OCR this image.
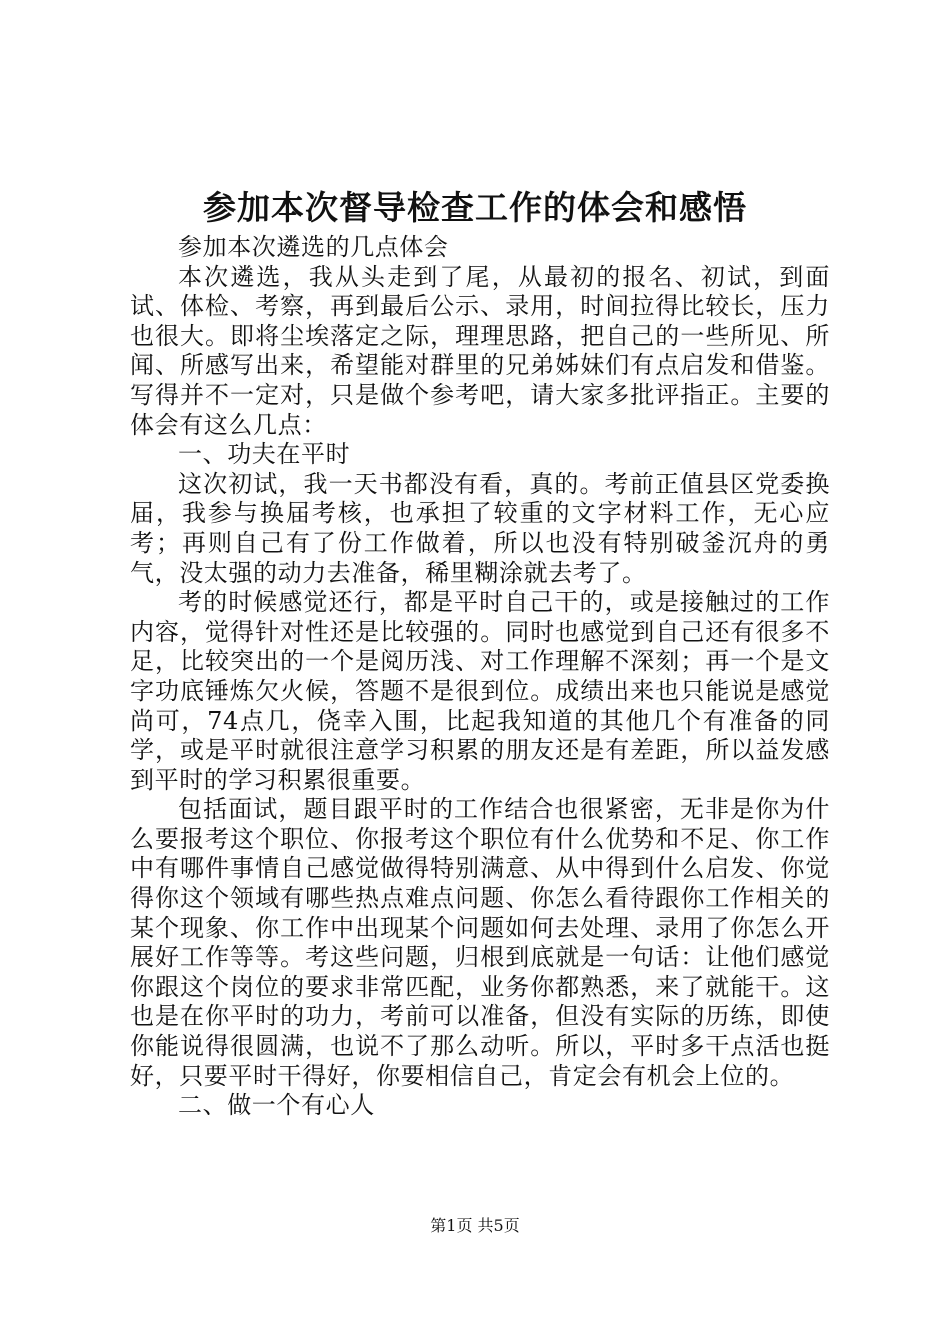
参加本次督导检查工作的体会和感悟

参加本次遴选的几点体会

本次遴选，我从头走到了尾，从最初的报名、初试，到面试、体检、考察，再到最后公示、录用，时间拉得比较长，压力也很大。即将尘埃落定之际，理理思路，把自己的一些所见、所闻、所感写出来，希望能对群里的兄弟姊妹们有点启发和借鉴。写得并不一定对，只是做个参考吧，请大家多批评指正。主要的体会有这么几点：

一、功夫在平时

这次初试，我一天书都没有看，真的。考前正值县区党委换届，我参与换届考核，也承担了较重的文字材料工作，无心应考；再则自己有了份工作做着，所以也没有特别破釜沉舟的勇气，没太强的动力去准备，稀里糊涂就去考了。

考的时候感觉还行，都是平时自己干的，或是接触过的工作内容，觉得针对性还是比较强的。同时也感觉到自己还有很多不足，比较突出的一个是阅历浅、对工作理解不深刻；再一个是文字功底锤炼欠火候，答题不是很到位。成绩出来也只能说是感觉尚可，74点几，侥幸入围，比起我知道的其他几个有准备的同学，或是平时就很注意学习积累的朋友还是有差距，所以益发感到平时的学习积累很重要。

包括面试，题目跟平时的工作结合也很紧密，无非是你为什么要报考这个职位、你报考这个职位有什么优势和不足、你工作中有哪件事情自己感觉做得特别满意、从中得到什么启发、你觉得你这个领域有哪些热点难点问题、你怎么看待跟你工作相关的某个现象、你工作中出现某个问题如何去处理、录用了你怎么开展好工作等等。考这些问题，归根到底就是一句话：让他们感觉你跟这个岗位的要求非常匹配，业务你都熟悉，来了就能干。这也是在你平时的功力，考前可以准备，但没有实际的历练，即使你能说得很圆满，也说不了那么动听。所以，平时多干点活也挺好，只要平时干得好，你要相信自己，肯定会有机会上位的。

二、做一个有心人

第1页 共5页
